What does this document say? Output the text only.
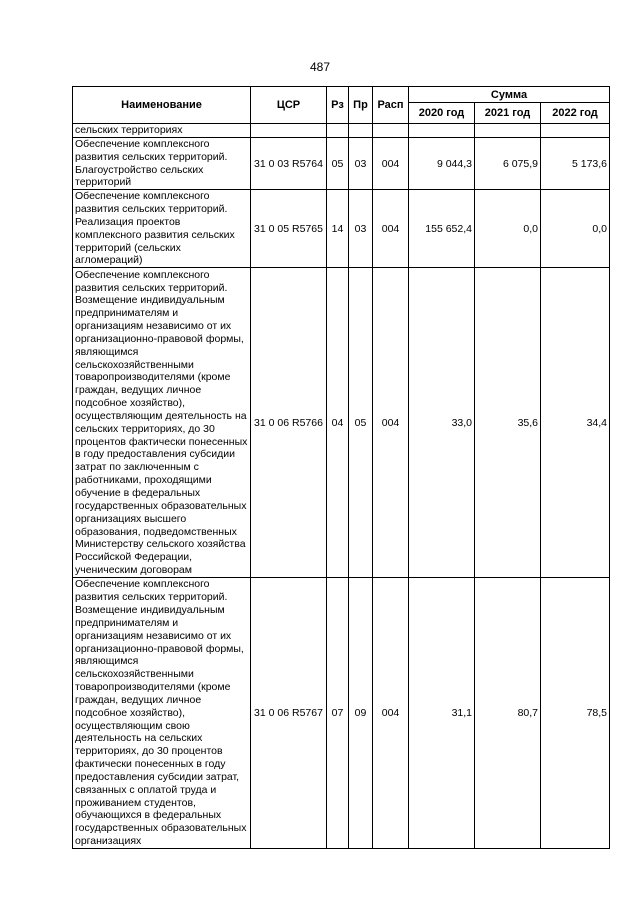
487
Наименование	ЦСР	Рз	Пр	Расп	Сумма		
					2020 год	2021 год	2022 год
сельских территориях							
Обеспечение комплексного развития сельских территорий. Благоустройство сельских территорий	31 0 03 R5764	05	03	004	9 044,3	6 075,9	5 173,6
Обеспечение комплексного развития сельских территорий. Реализация проектов комплексного развития сельских территорий (сельских агломераций)	31 0 05 R5765	14	03	004	155 652,4	0,0	0,0
Обеспечение комплексного развития сельских территорий. Возмещение индивидуальным предпринимателям и организациям независимо от их организационно-правовой формы, являющимся сельскохозяйственными товаропроизводителями (кроме граждан, ведущих личное подсобное хозяйство), осуществляющим деятельность на сельских территориях, до 30 процентов фактически понесенных в году предоставления субсидии затрат по заключенным с работниками, проходящими обучение в федеральных государственных образовательных организациях высшего образования, подведомственных Министерству сельского хозяйства Российской Федерации, ученическим договорам	31 0 06 R5766	04	05	004	33,0	35,6	34,4
Обеспечение комплексного развития сельских территорий. Возмещение индивидуальным предпринимателям и организациям независимо от их организационно-правовой формы, являющимся сельскохозяйственными товаропроизводителями (кроме граждан, ведущих личное подсобное хозяйство), осуществляющим свою деятельность на сельских территориях, до 30 процентов фактически понесенных в году предоставления субсидии затрат, связанных с оплатой труда и проживанием студентов, обучающихся в федеральных государственных образовательных организациях	31 0 06 R5767	07	09	004	31,1	80,7	78,5
